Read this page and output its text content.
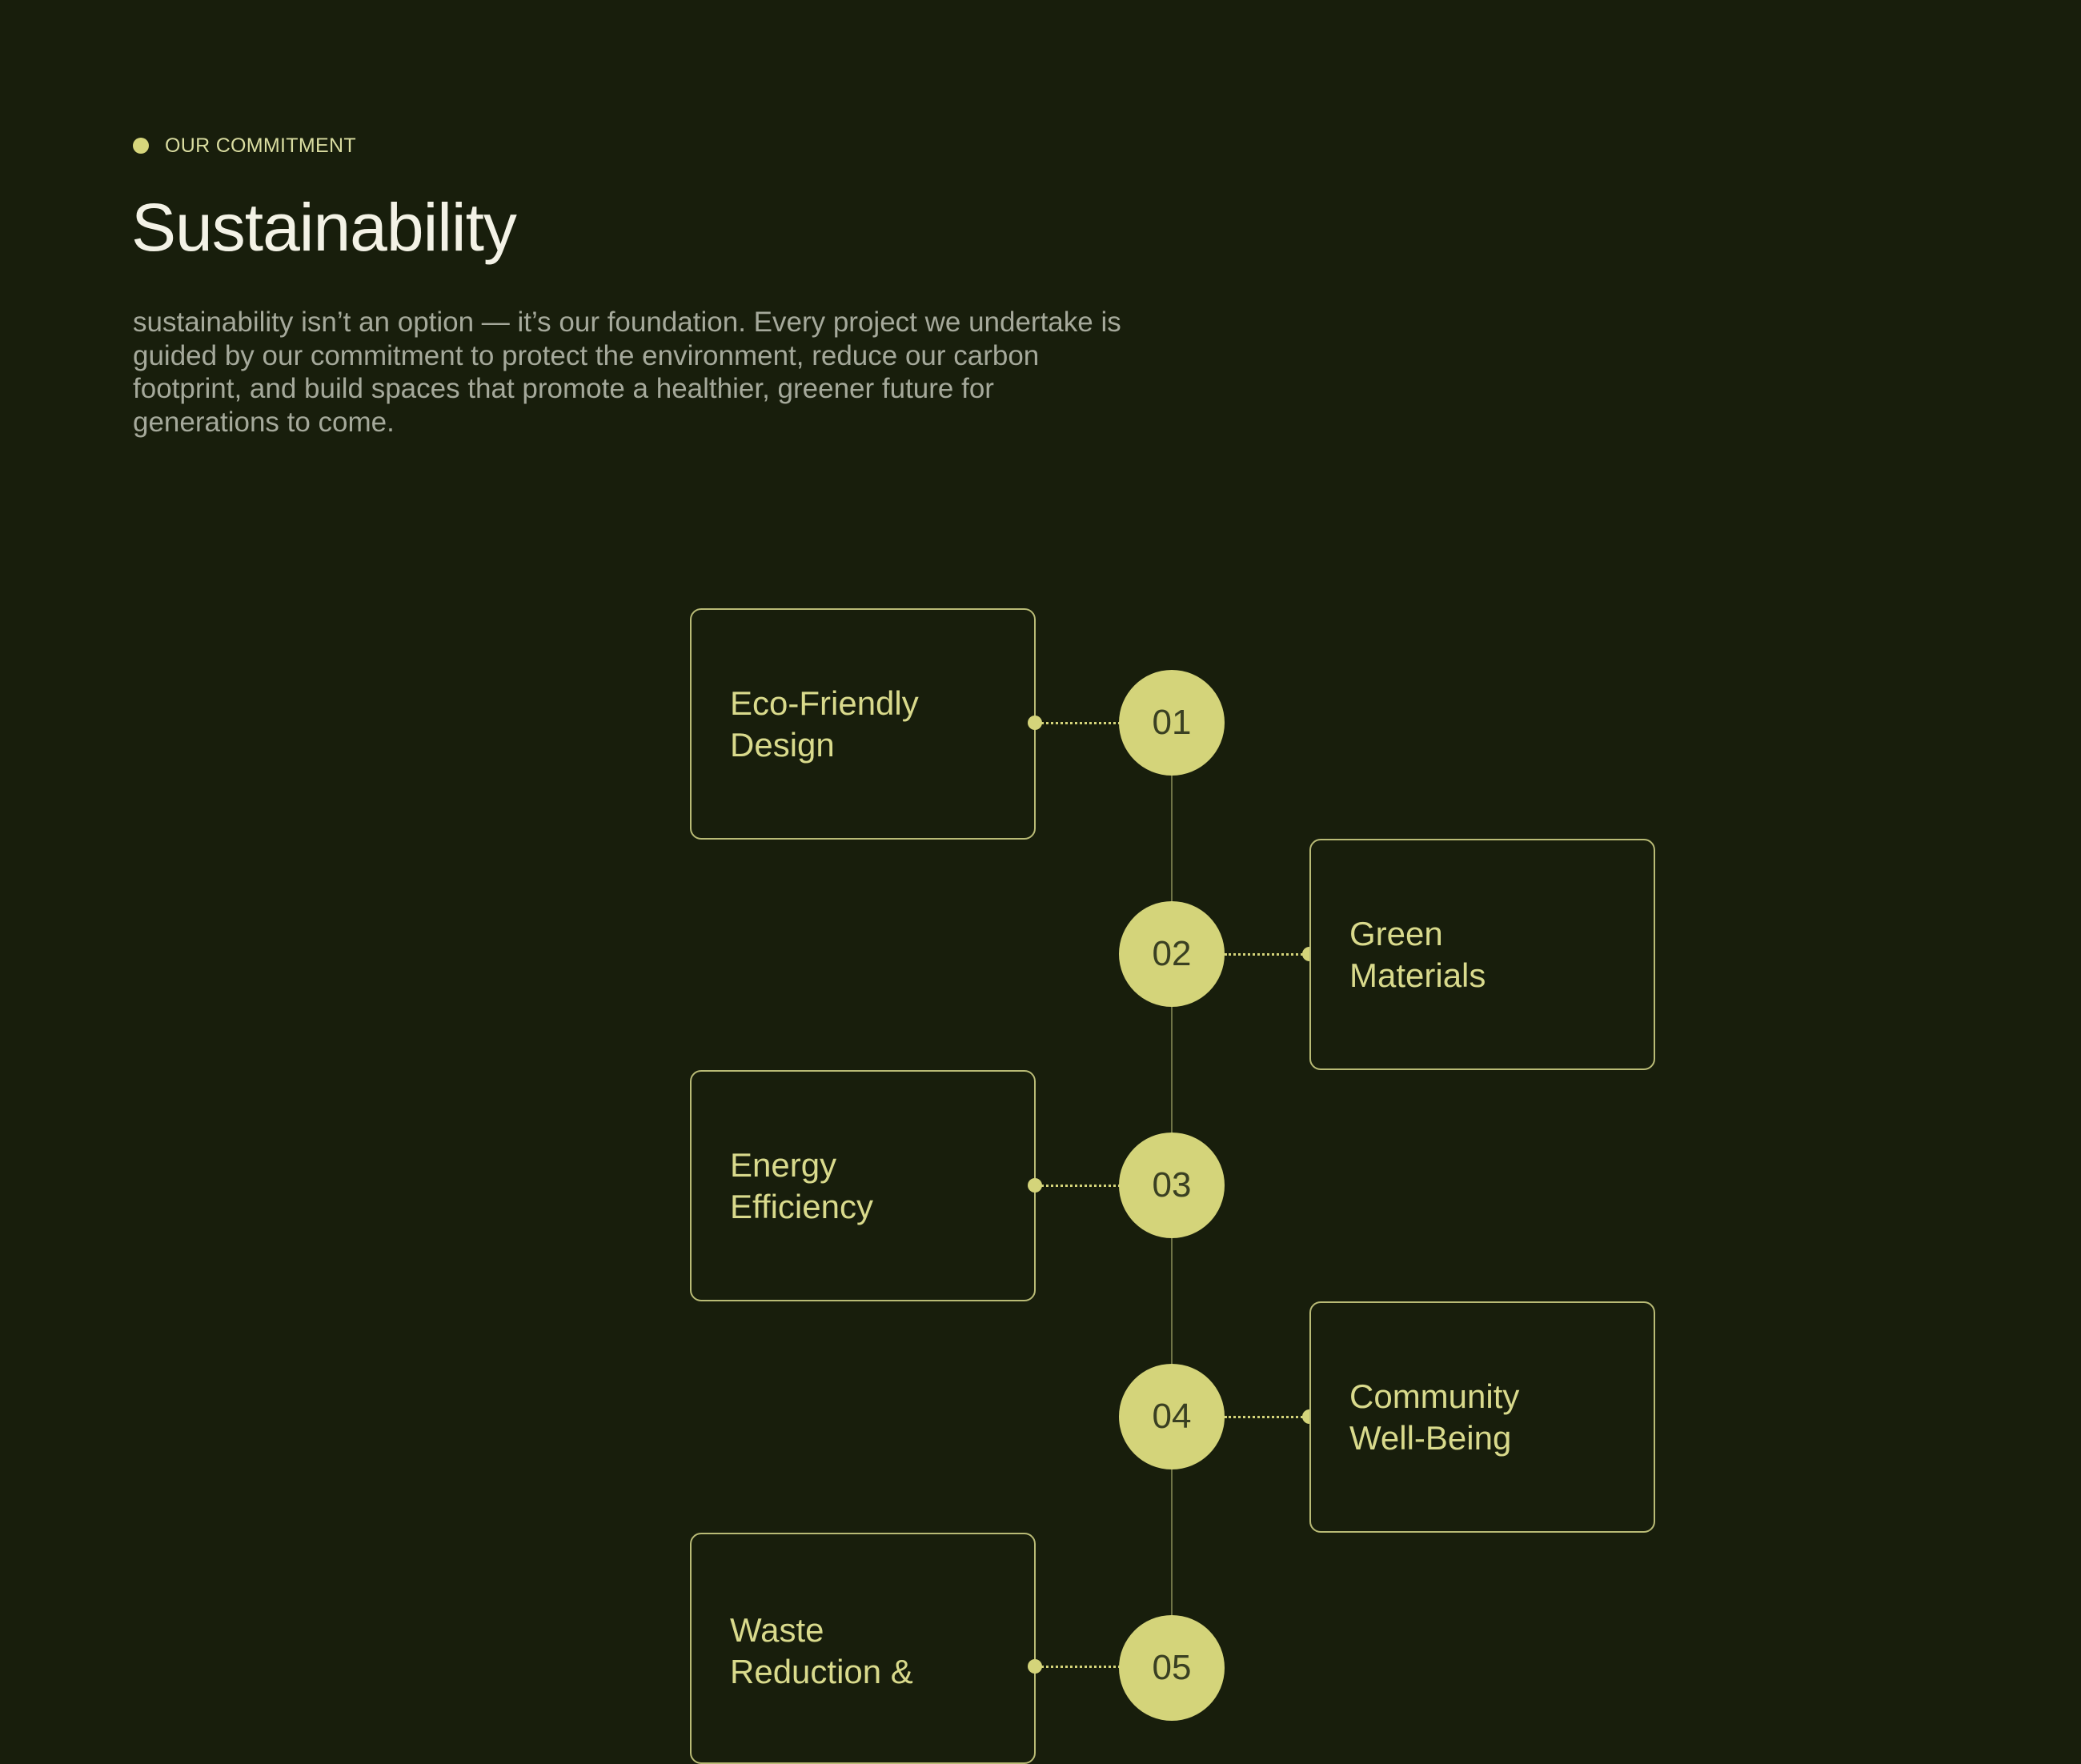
OUR COMMITMENT
Sustainability

sustainability isn’t an option — it’s our foundation. Every project we undertake is guided by our commitment to protect the environment, reduce our carbon footprint, and build spaces that promote a healthier, greener future for generations to come.

Eco-Friendly
Design
01
02
Green
Materials
Energy
Efficiency
03
04
Community
Well-Being
Waste
Reduction &	05
